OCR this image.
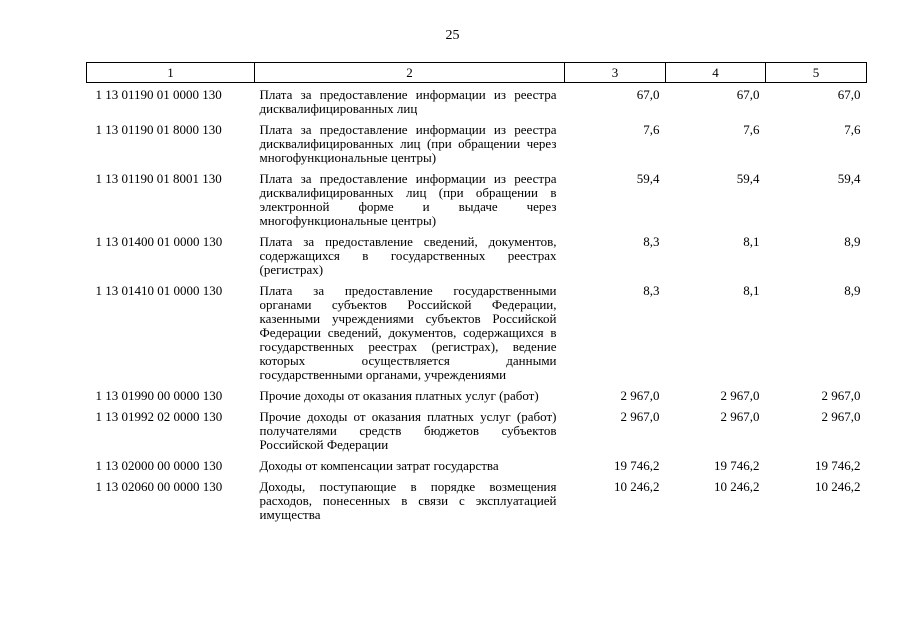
25
1	2	3	4	5
1 13 01190 01 0000 130	Плата за предоставление информации из реестра дисквалифицированных лиц	67,0	67,0	67,0
1 13 01190 01 8000 130	Плата за предоставление информации из реестра дисквалифицированных лиц (при обращении через многофункциональные центры)	7,6	7,6	7,6
1 13 01190 01 8001 130	Плата за предоставление информации из реестра дисквалифицированных лиц (при обращении в электронной форме и выдаче через многофункциональные центры)	59,4	59,4	59,4
1 13 01400 01 0000 130	Плата за предоставление сведений, документов, содержащихся в государственных реестрах (регистрах)	8,3	8,1	8,9
1 13 01410 01 0000 130	Плата за предоставление государственными органами субъектов Российской Федерации, казенными учреждениями субъектов Российской Федерации сведений, документов, содержащихся в государственных реестрах (регистрах), ведение которых осуществляется данными государственными органами, учреждениями	8,3	8,1	8,9
1 13 01990 00 0000 130	Прочие доходы от оказания платных услуг (работ)	2 967,0	2 967,0	2 967,0
1 13 01992 02 0000 130	Прочие доходы от оказания платных услуг (работ) получателями средств бюджетов субъектов Российской Федерации	2 967,0	2 967,0	2 967,0
1 13 02000 00 0000 130	Доходы от компенсации затрат государства	19 746,2	19 746,2	19 746,2
1 13 02060 00 0000 130	Доходы, поступающие в порядке возмещения расходов, понесенных в связи с эксплуатацией имущества	10 246,2	10 246,2	10 246,2
